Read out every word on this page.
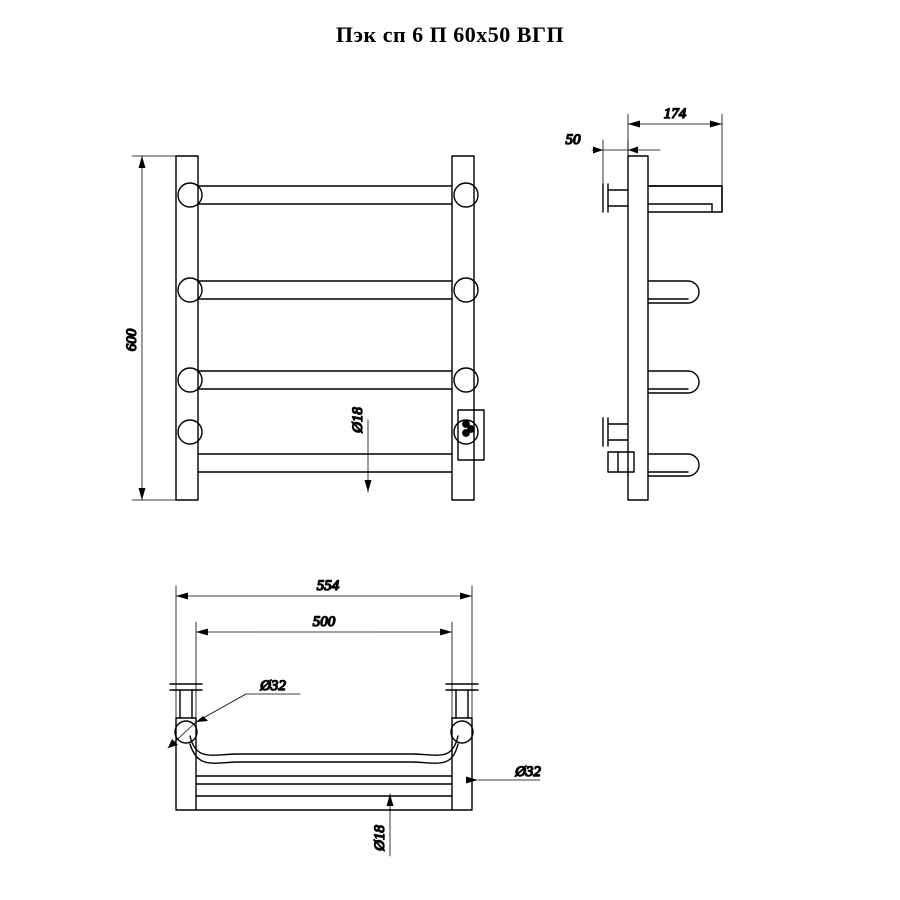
Пэк сп 6 П 60х50 ВГП
600
Ø18
174
50
554
500
Ø32
Ø32
Ø18
